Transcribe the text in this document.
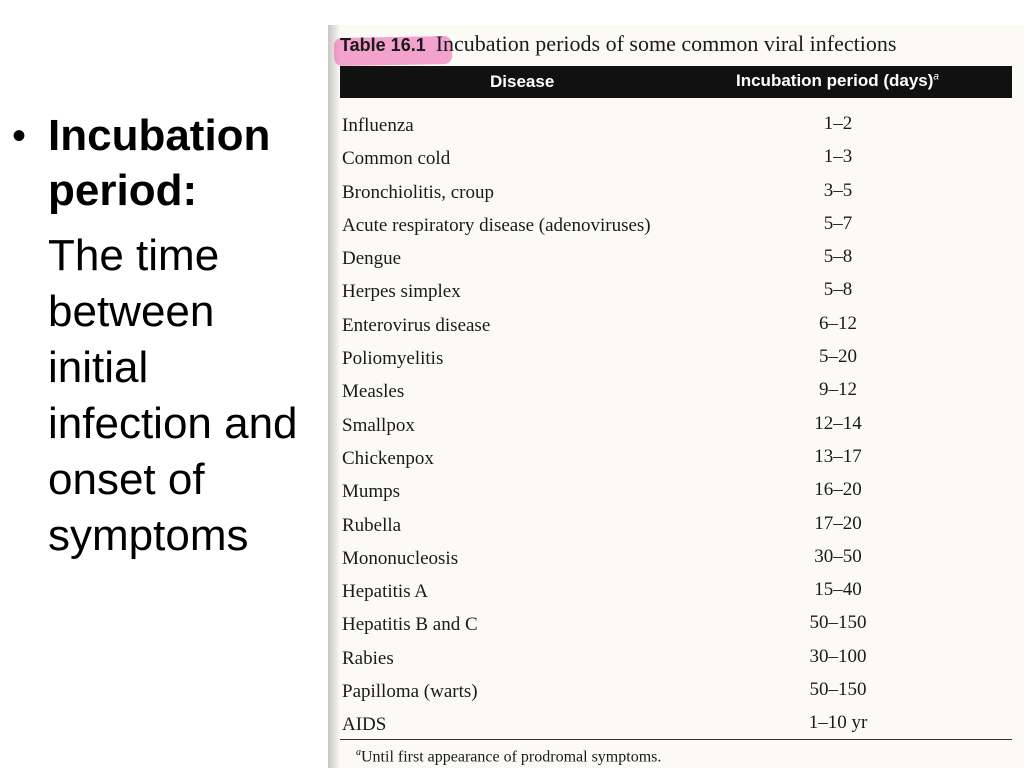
• Incubation period:

The time between initial infection and onset of symptoms
Table 16.1 Incubation periods of some common viral infections
Disease	Incubation period (days)$^a$
Influenza	1–2
Common cold	1–3
Bronchiolitis, croup	3–5
Acute respiratory disease (adenoviruses)	5–7
Dengue	5–8
Herpes simplex	5–8
Enterovirus disease	6–12
Poliomyelitis	5–20
Measles	9–12
Smallpox	12–14
Chickenpox	13–17
Mumps	16–20
Rubella	17–20
Mononucleosis	30–50
Hepatitis A	15–40
Hepatitis B and C	50–150
Rabies	30–100
Papilloma (warts)	50–150
AIDS	1–10 yr
$^a$Until first appearance of prodromal symptoms.
